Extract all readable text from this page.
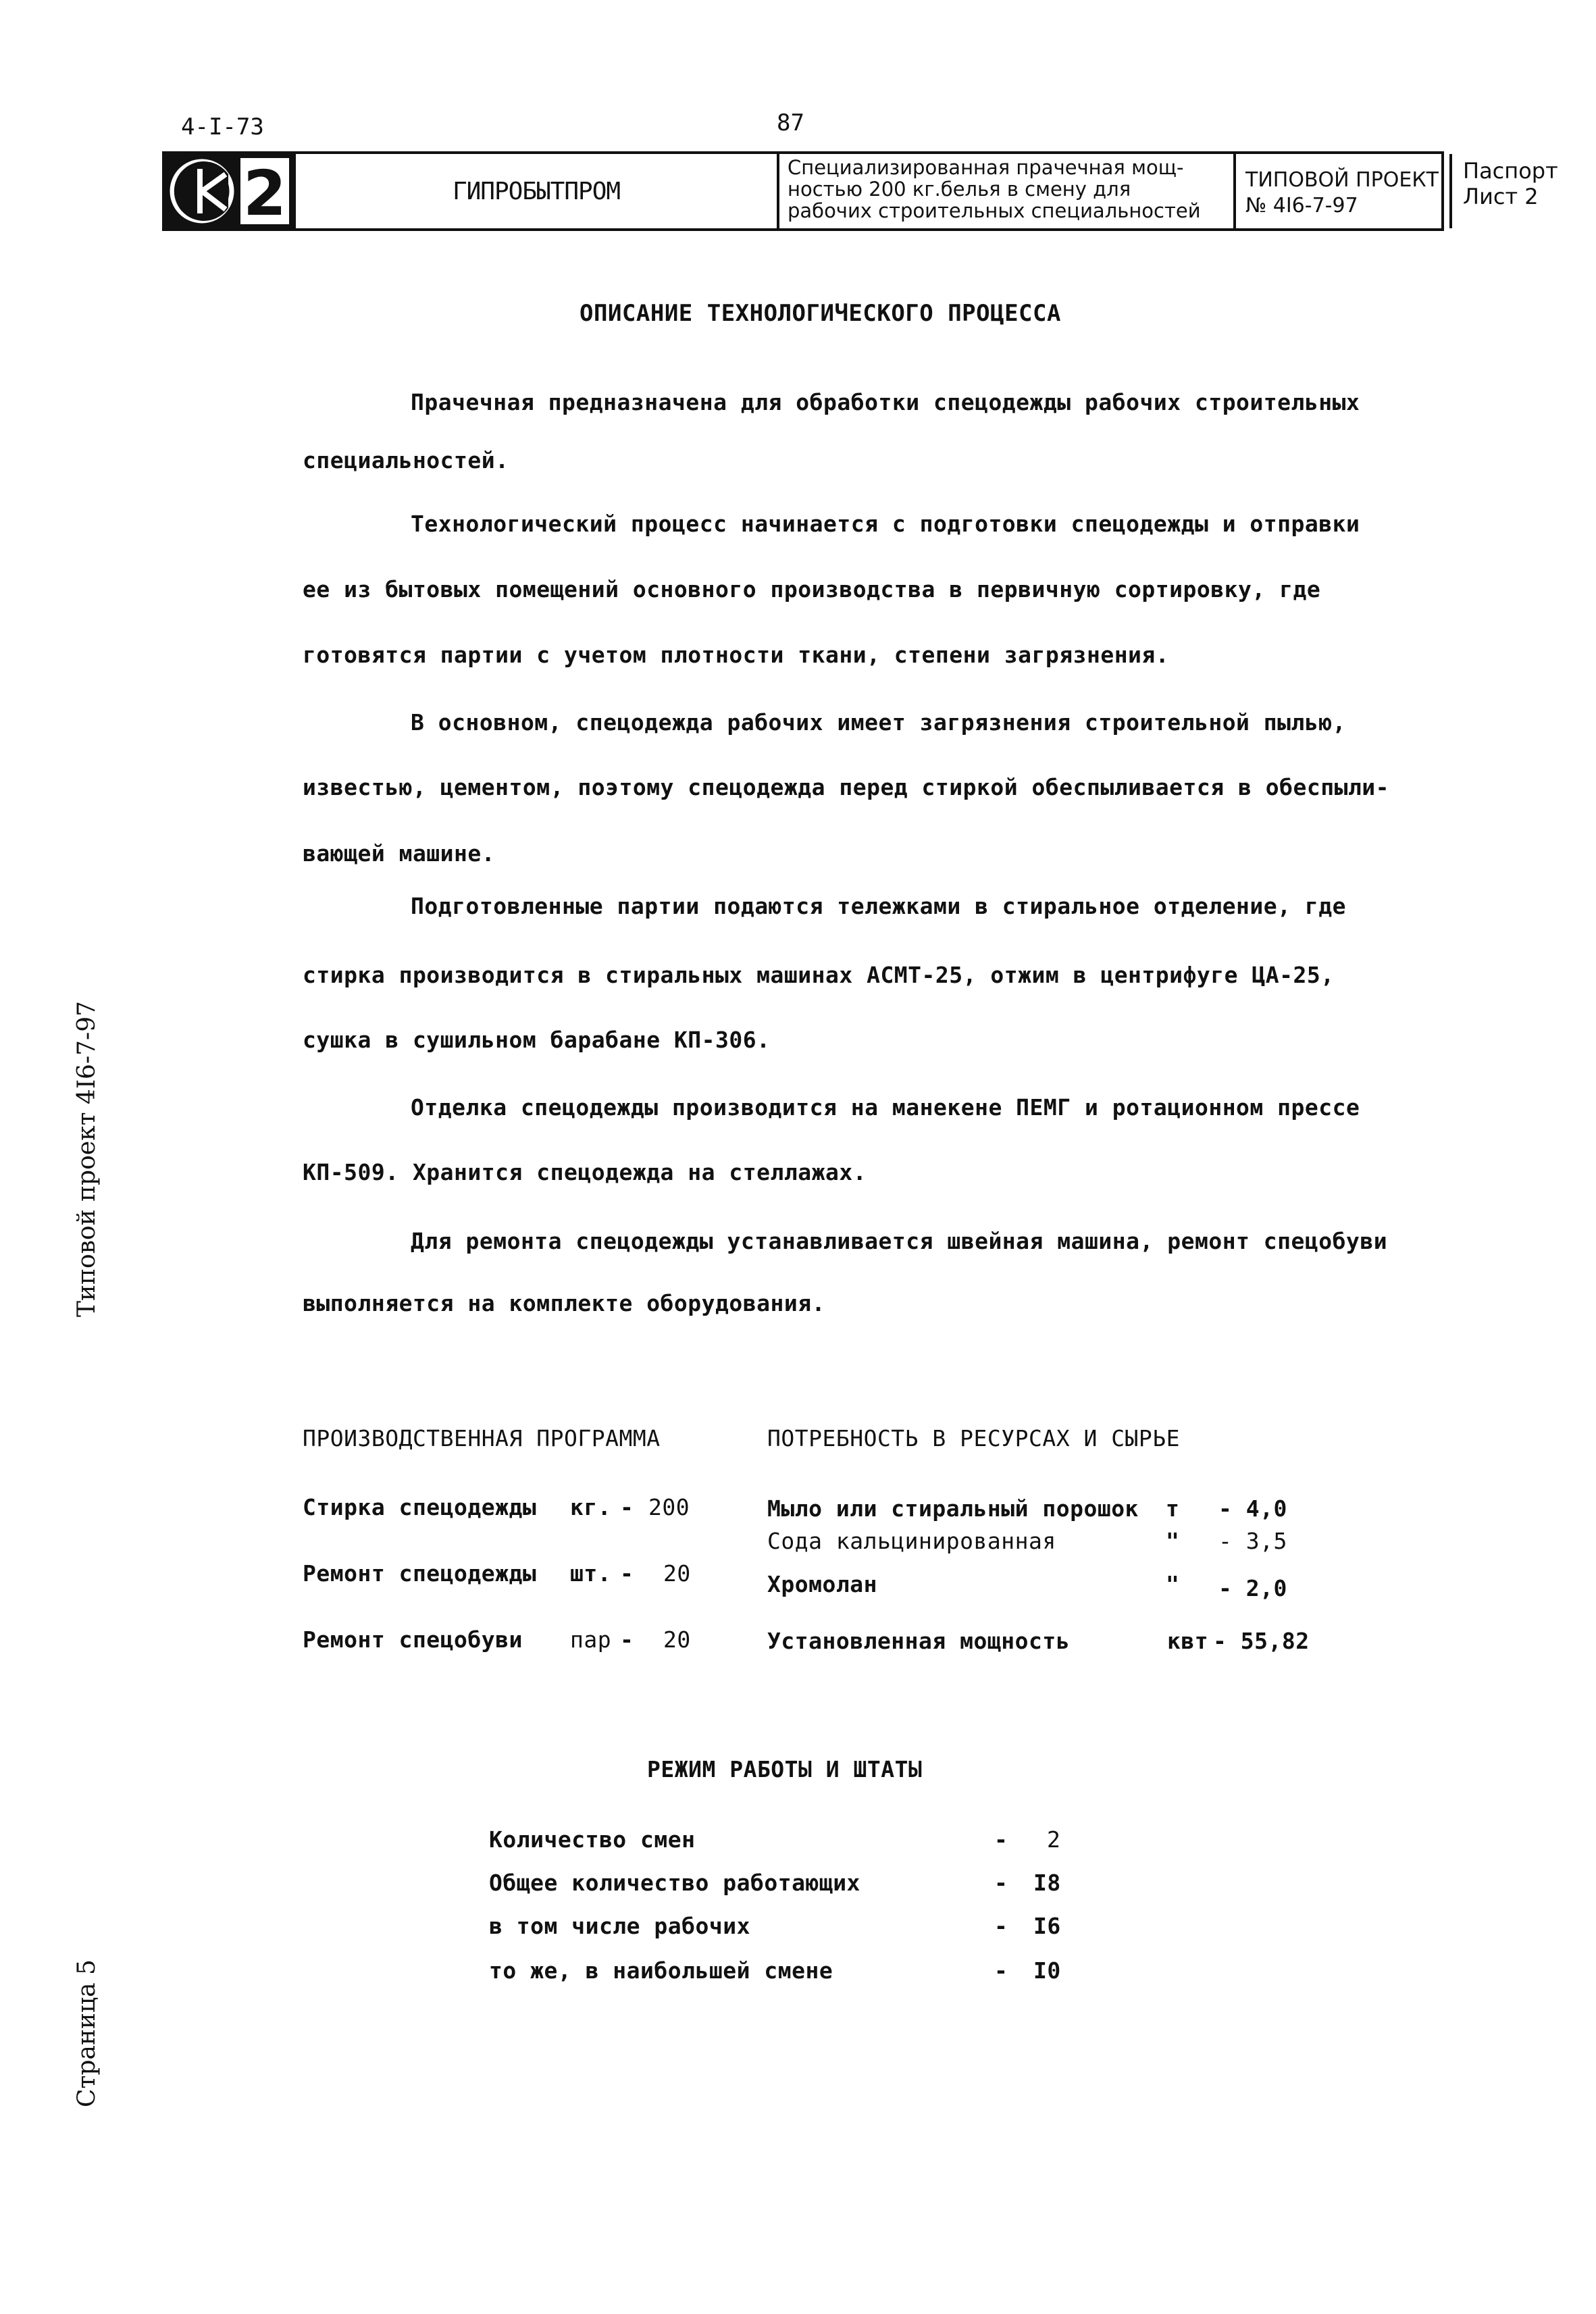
4-I-73	87
2	ГИПРОБЫТПРОМ
Специализированная прачечная мощ-
ностью 200 кг.белья в смену для
рабочих строительных специальностей
ТИПОВОЙ ПРОЕКТ
№ 4I6-7-97
Паспорт
Лист 2
Типовой проект 4I6-7-97
Страница 5
ОПИСАНИЕ ТЕХНОЛОГИЧЕСКОГО ПРОЦЕССА
Прачечная предназначена для обработки спецодежды рабочих строительных
специальностей.
Технологический процесс начинается с подготовки спецодежды и отправки
ее из бытовых помещений основного производства в первичную сортировку, где
готовятся партии с учетом плотности ткани, степени загрязнения.
В основном, спецодежда рабочих имеет загрязнения строительной пылью,
известью, цементом, поэтому спецодежда перед стиркой обеспыливается в обеспыли-
вающей машине.
Подготовленные партии подаются тележками в стиральное отделение, где
стирка производится в стиральных машинах АСМТ-25, отжим в центрифуге ЦА-25,
сушка в сушильном барабане КП-306.
Отделка спецодежды производится на манекене ПЕМГ и ротационном прессе
КП-509. Хранится спецодежда на стеллажах.
Для ремонта спецодежды устанавливается швейная машина, ремонт спецобуви
выполняется на комплекте оборудования.
ПРОИЗВОДСТВЕННАЯ ПРОГРАММА
Стирка спецодежды кг. - 200
Ремонт спецодежды шт. - 20
Ремонт спецобуви пар - 20
ПОТРЕБНОСТЬ В РЕСУРСАХ И СЫРЬЕ
Мыло или стиральный порошок т - 4,0
Сода кальцинированная	" - 3,5
Хромолан	" - 2,0
Установленная мощность	квт - 55,82
РЕЖИМ РАБОТЫ И ШТАТЫ
Количество смен	- 2
Общее количество работающих	- I8
в том числе рабочих	- I6
то же, в наибольшей смене	- I0
